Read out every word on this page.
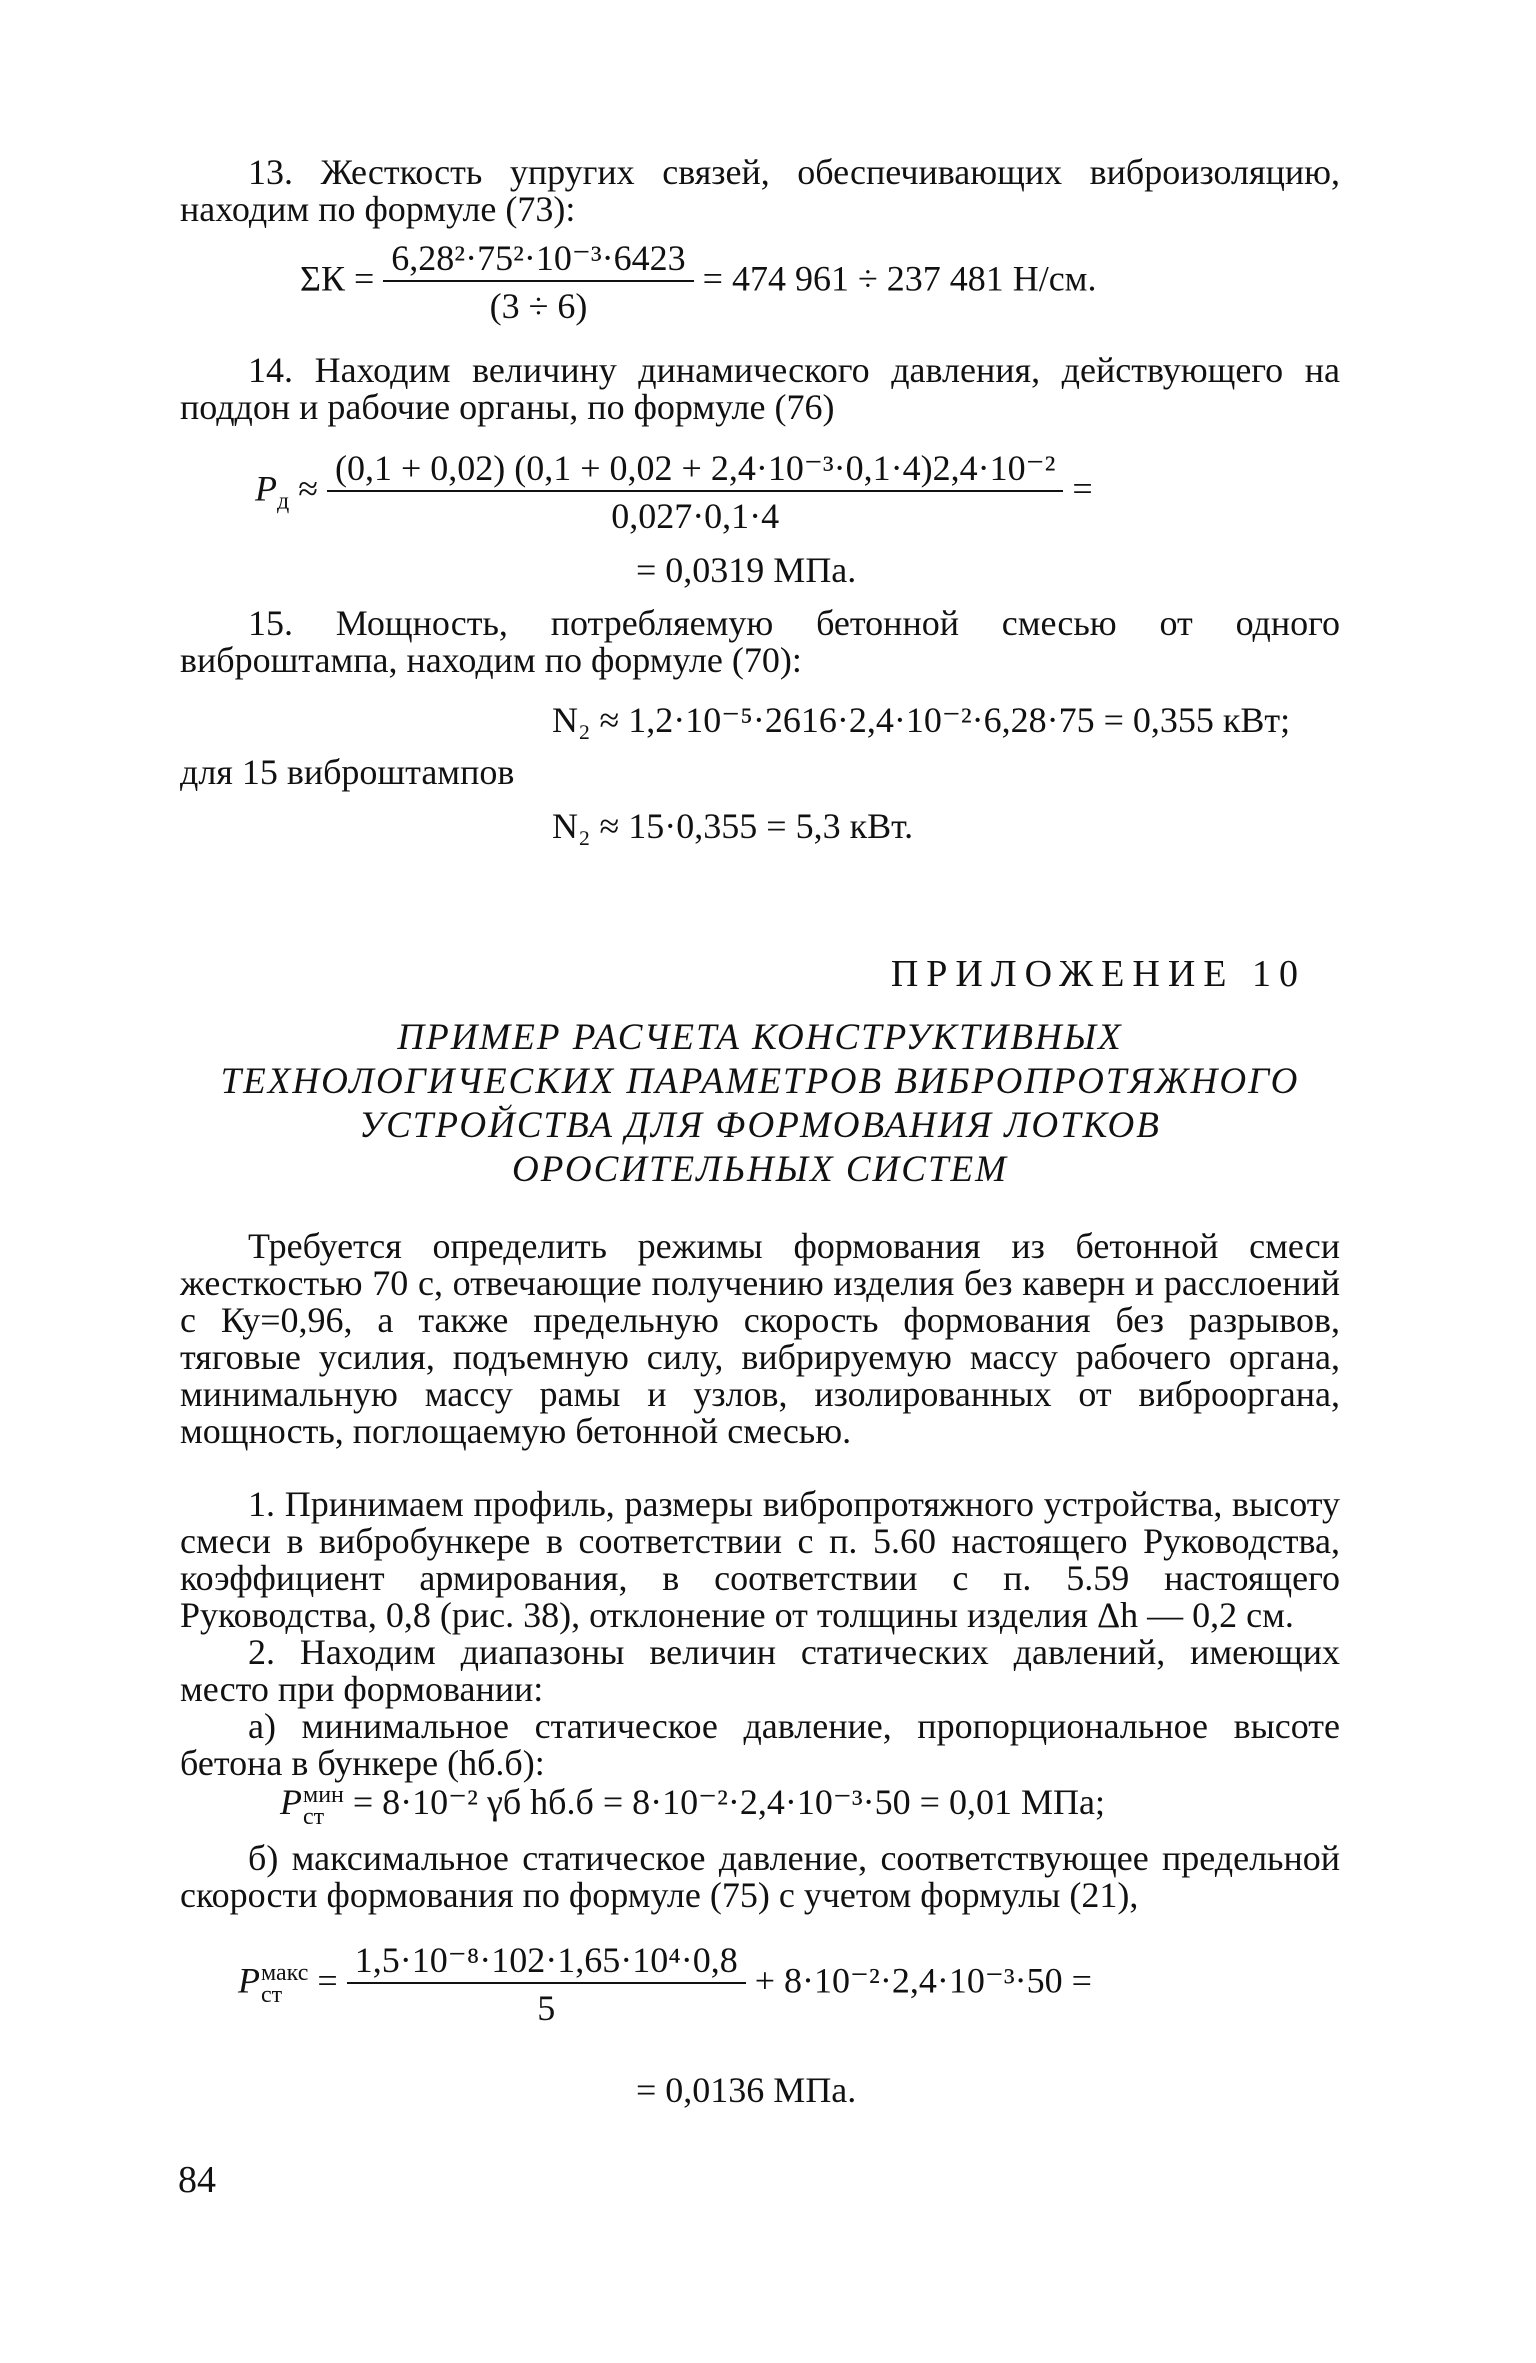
13. Жесткость упругих связей, обеспечивающих виброизоляцию, находим по формуле (73):
$\Sigma К = \frac{\text{6,28²·75²·10⁻³·6423}}{(3 \div 6)} = 474$ 961 ÷ 237 481 Н/см.
14. Находим величину динамического давления, действующего на поддон и рабочие органы, по формуле (76)
$P_д \approx \frac{\text{(0,1 + 0,02) (0,1 + 0,02 + 2,4·10⁻³·0,1·4)2,4·10⁻²}}{0,027\cdot 0,1\cdot 4}$ =
= 0,0319 МПа.
15. Мощность, потребляемую бетонной смесью от одного виброштампа, находим по формуле (70):
N₂ ≈ 1,2·10⁻⁵·2616·2,4·10⁻²·6,28·75 = 0,355 кВт;
для 15 виброштампов
N₂ ≈ 15·0,355 = 5,3 кВт.
ПРИЛОЖЕНИЕ 10
ПРИМЕР РАСЧЕТА КОНСТРУКТИВНЫХ
ТЕХНОЛОГИЧЕСКИХ ПАРАМЕТРОВ ВИБРОПРОТЯЖНОГО
УСТРОЙСТВА ДЛЯ ФОРМОВАНИЯ ЛОТКОВ
ОРОСИТЕЛЬНЫХ СИСТЕМ
Требуется определить режимы формования из бетонной смеси жесткостью 70 с, отвечающие получению изделия без каверн и расслоений с Ку=0,96, а также предельную скорость формования без разрывов, тяговые усилия, подъемную силу, вибрируемую массу рабочего органа, минимальную массу рамы и узлов, изолированных от виброоргана, мощность, поглощаемую бетонной смесью.
1. Принимаем профиль, размеры вибропротяжного устройства, высоту смеси в вибробункере в соответствии с п. 5.60 настоящего Руководства, коэффициент армирования, в соответствии с п. 5.59 настоящего Руководства, 0,8 (рис. 38), отклонение от толщины изделия Δh — 0,2 см.
2. Находим диапазоны величин статических давлений, имеющих место при формовании:
а) минимальное статическое давление, пропорциональное высоте бетона в бункере (hб.б):
P мин
ст = 8·10⁻² γб hб.б = 8·10⁻²·2,4·10⁻³·50 = 0,01 МПа;
б) максимальное статическое давление, соответствующее предельной скорости формования по формуле (75) с учетом формулы (21),
P макс
ст = $\frac{\text{1,5·10⁻⁸·102·1,65·10⁴·0,8}}{5} + 8\cdot 10^{-2}\cdot 2,4\cdot 10^{-3}\cdot 50$ =
= 0,0136 МПа.
84
